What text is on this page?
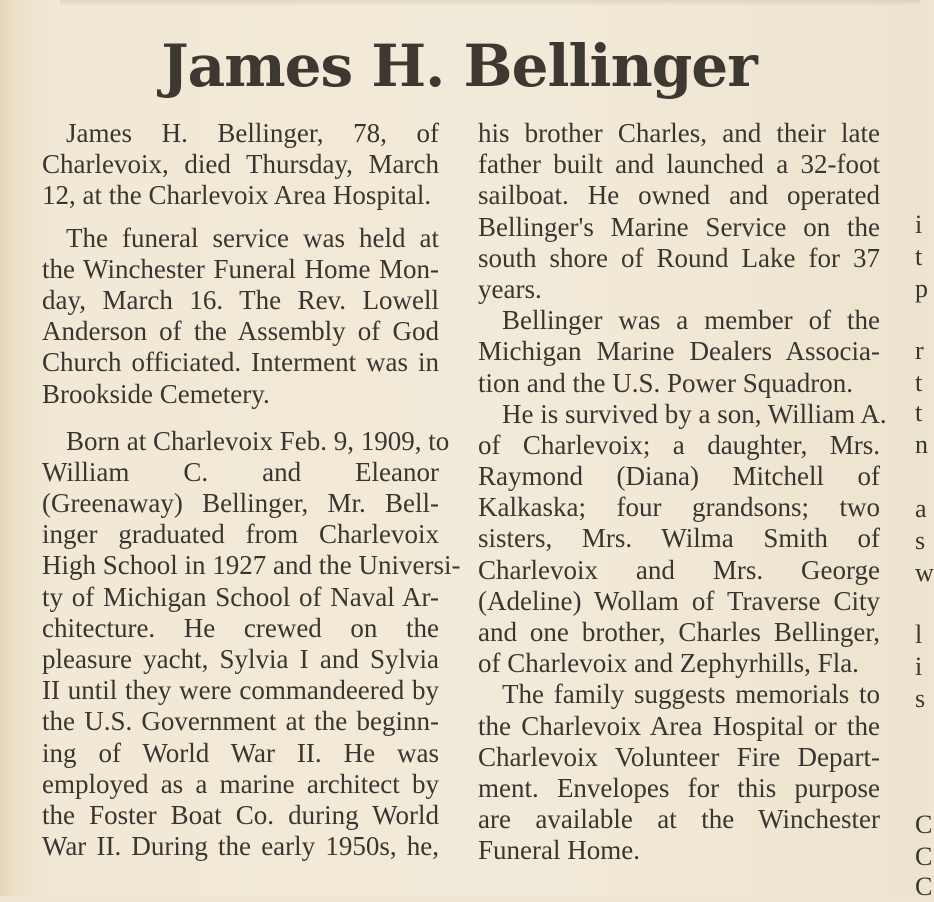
James H. Bellinger
James H. Bellinger, 78, of
Charlevoix, died Thursday, March
12, at the Charlevoix Area Hospital.
The funeral service was held at
the Winchester Funeral Home Mon-
day, March 16. The Rev. Lowell
Anderson of the Assembly of God
Church officiated. Interment was in
Brookside Cemetery.
Born at Charlevoix Feb. 9, 1909, to
William C. and Eleanor
(Greenaway) Bellinger, Mr. Bell-
inger graduated from Charlevoix
High School in 1927 and the Universi-
ty of Michigan School of Naval Ar-
chitecture. He crewed on the
pleasure yacht, Sylvia I and Sylvia
II until they were commandeered by
the U.S. Government at the beginn-
ing of World War II. He was
employed as a marine architect by
the Foster Boat Co. during World
War II. During the early 1950s, he,
his brother Charles, and their late
father built and launched a 32-foot
sailboat. He owned and operated
Bellinger's Marine Service on the
south shore of Round Lake for 37
years.
Bellinger was a member of the
Michigan Marine Dealers Associa-
tion and the U.S. Power Squadron.
He is survived by a son, William A.
of Charlevoix; a daughter, Mrs.
Raymond (Diana) Mitchell of
Kalkaska; four grandsons; two
sisters, Mrs. Wilma Smith of
Charlevoix and Mrs. George
(Adeline) Wollam of Traverse City
and one brother, Charles Bellinger,
of Charlevoix and Zephyrhills, Fla.
The family suggests memorials to
the Charlevoix Area Hospital or the
Charlevoix Volunteer Fire Depart-
ment. Envelopes for this purpose
are available at the Winchester
Funeral Home.
i
t
p
r
t
t
n
a
s
w
l
i
s
C
C
C
